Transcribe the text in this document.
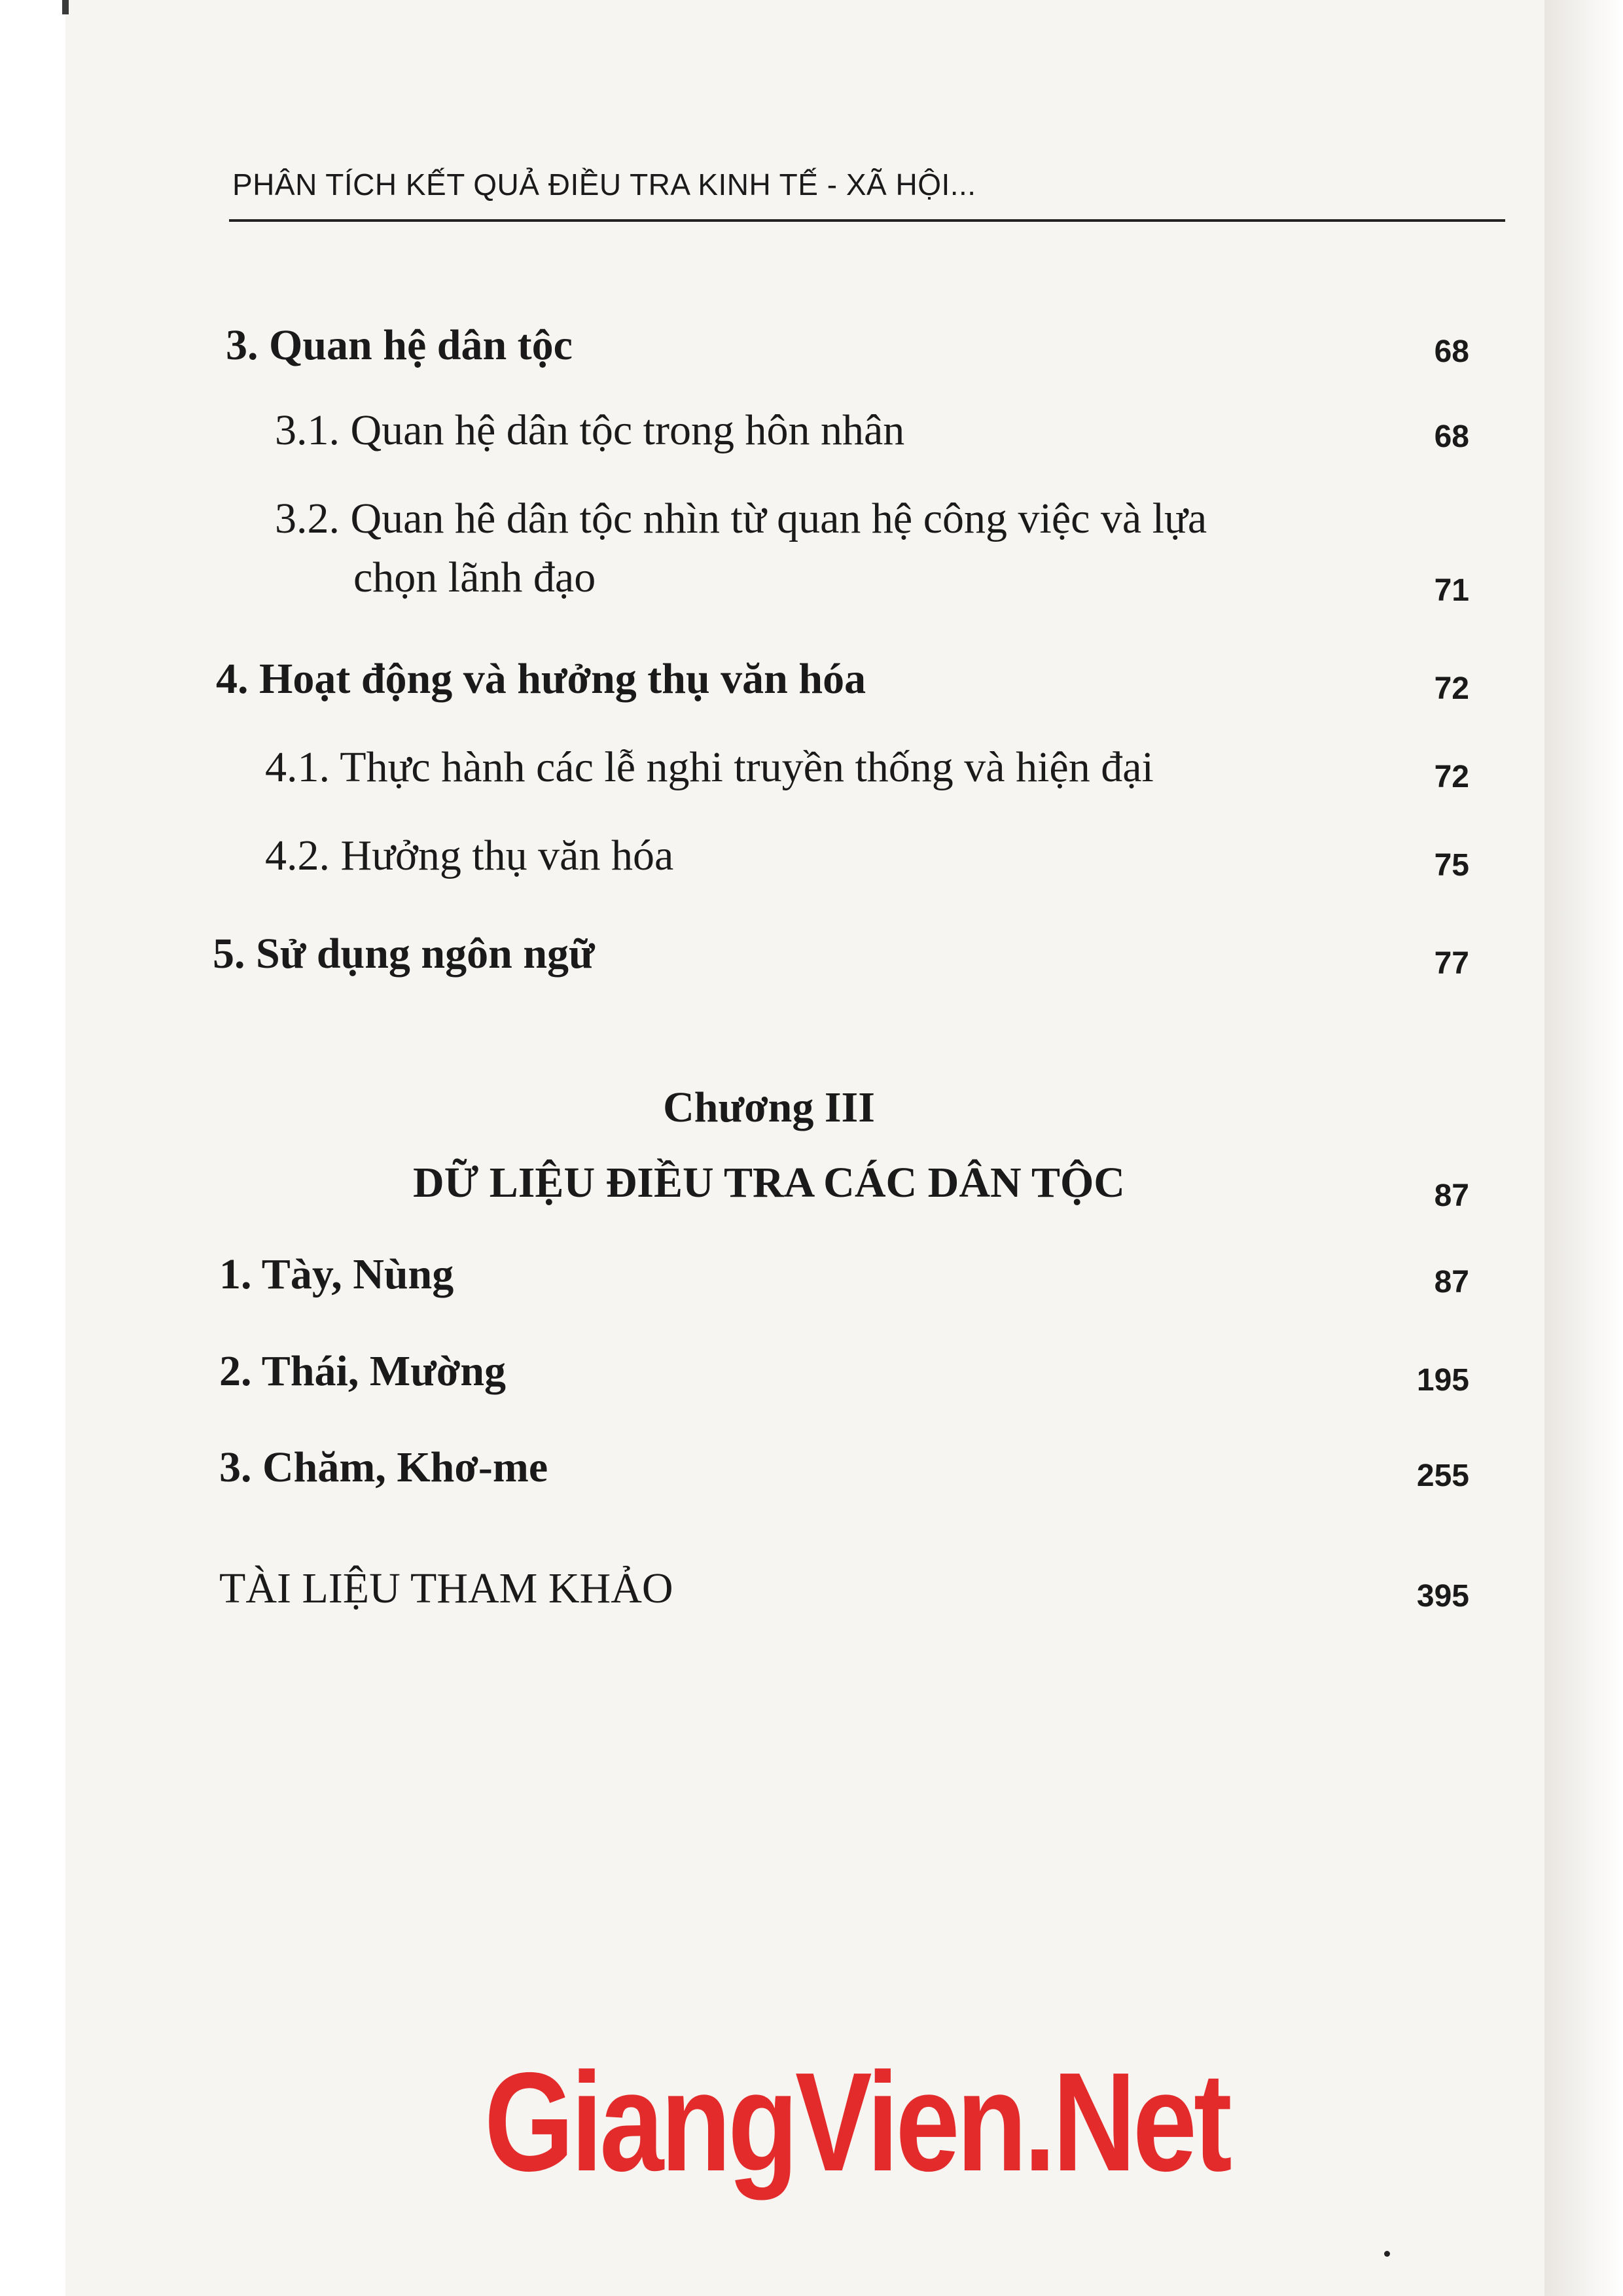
PHÂN TÍCH KẾT QUẢ ĐIỀU TRA KINH TẾ - XÃ HỘI...
3. Quan hệ dân tộc	68
3.1. Quan hệ dân tộc trong hôn nhân	68
3.2. Quan hê dân tộc nhìn từ quan hệ công việc và lựa
chọn lãnh đạo	71
4. Hoạt động và hưởng thụ văn hóa	72
4.1. Thực hành các lễ nghi truyền thống và hiện đại	72
4.2. Hưởng thụ văn hóa	75
5. Sử dụng ngôn ngữ	77
Chương III
DỮ LIỆU ĐIỀU TRA CÁC DÂN TỘC	87
1. Tày, Nùng	87
2. Thái, Mường	195
3. Chăm, Khơ-me	255
TÀI LIỆU THAM KHẢO	395
GiangVien.Net
